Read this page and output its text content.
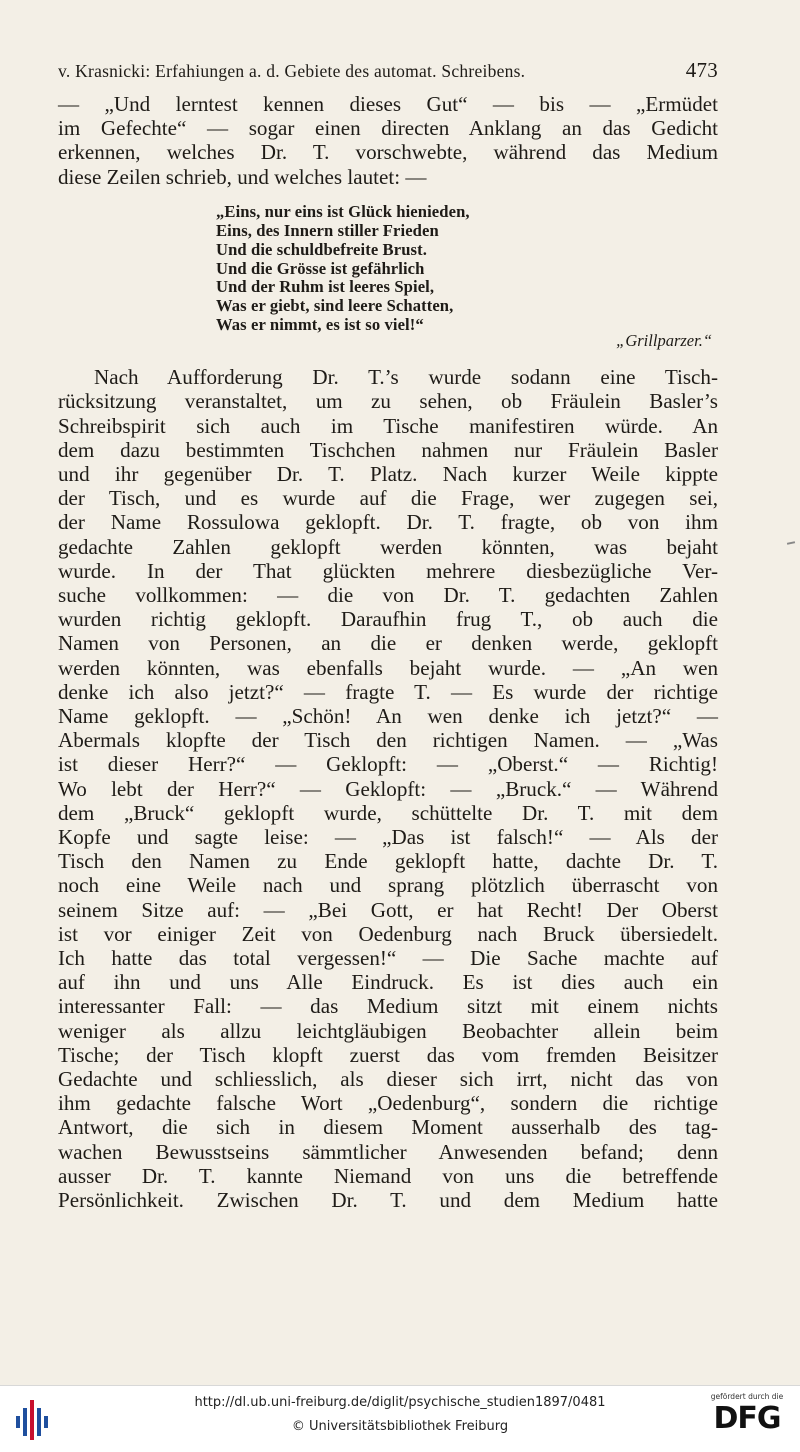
v. Krasnicki: Erfahiungen a. d. Gebiete des automat. Schreibens.	473
— „Und lerntest kennen dieses Gut“ — bis — „Ermüdet
im Gefechte“ — sogar einen directen Anklang an das Gedicht
erkennen, welches Dr. T. vorschwebte, während das Medium
diese Zeilen schrieb, und welches lautet: —
„Eins, nur eins ist Glück hienieden,
Eins, des Innern stiller Frieden
Und die schuldbefreite Brust.
Und die Grösse ist gefährlich
Und der Ruhm ist leeres Spiel,
Was er giebt, sind leere Schatten,
Was er nimmt, es ist so viel!“
„Grillparzer.“
Nach Aufforderung Dr. T.’s wurde sodann eine Tisch-
rücksitzung veranstaltet, um zu sehen, ob Fräulein Basler’s
Schreibspirit sich auch im Tische manifestiren würde. An
dem dazu bestimmten Tischchen nahmen nur Fräulein Basler
und ihr gegenüber Dr. T. Platz. Nach kurzer Weile kippte
der Tisch, und es wurde auf die Frage, wer zugegen sei,
der Name Rossulowa geklopft. Dr. T. fragte, ob von ihm
gedachte Zahlen geklopft werden könnten, was bejaht
wurde. In der That glückten mehrere diesbezügliche Ver-
suche vollkommen: — die von Dr. T. gedachten Zahlen
wurden richtig geklopft. Daraufhin frug T., ob auch die
Namen von Personen, an die er denken werde, geklopft
werden könnten, was ebenfalls bejaht wurde. — „An wen
denke ich also jetzt?“ — fragte T. — Es wurde der richtige
Name geklopft. — „Schön! An wen denke ich jetzt?“ —
Abermals klopfte der Tisch den richtigen Namen. — „Was
ist dieser Herr?“ — Geklopft: — „Oberst.“ — Richtig!
Wo lebt der Herr?“ — Geklopft: — „Bruck.“ — Während
dem „Bruck“ geklopft wurde, schüttelte Dr. T. mit dem
Kopfe und sagte leise: — „Das ist falsch!“ — Als der
Tisch den Namen zu Ende geklopft hatte, dachte Dr. T.
noch eine Weile nach und sprang plötzlich überrascht von
seinem Sitze auf: — „Bei Gott, er hat Recht! Der Oberst
ist vor einiger Zeit von Oedenburg nach Bruck übersiedelt.
Ich hatte das total vergessen!“ — Die Sache machte auf
auf ihn und uns Alle Eindruck. Es ist dies auch ein
interessanter Fall: — das Medium sitzt mit einem nichts
weniger als allzu leichtgläubigen Beobachter allein beim
Tische; der Tisch klopft zuerst das vom fremden Beisitzer
Gedachte und schliesslich, als dieser sich irrt, nicht das von
ihm gedachte falsche Wort „Oedenburg“, sondern die richtige
Antwort, die sich in diesem Moment ausserhalb des tag-
wachen Bewusstseins sämmtlicher Anwesenden befand; denn
ausser Dr. T. kannte Niemand von uns die betreffende
Persönlichkeit. Zwischen Dr. T. und dem Medium hatte
http://dl.ub.uni-freiburg.de/diglit/psychische_studien1897/0481
© Universitätsbibliothek Freiburg
gefördert durch die
DFG
